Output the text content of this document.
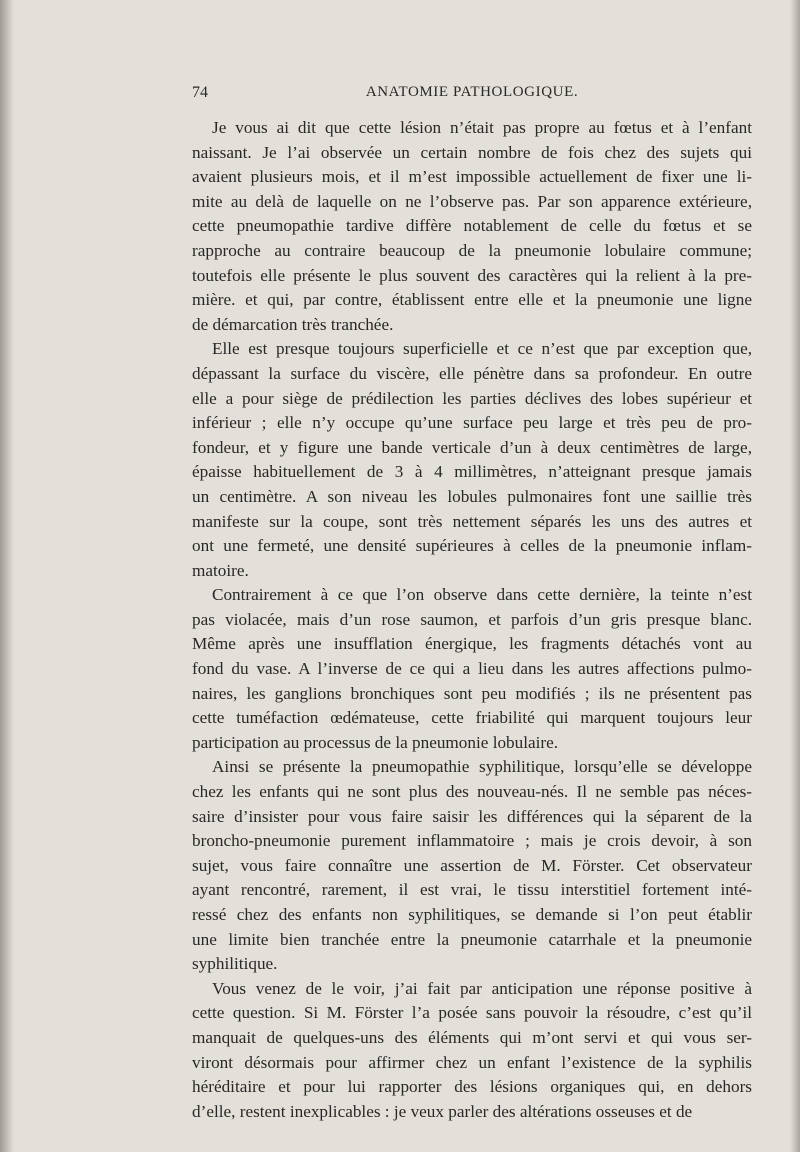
74	ANATOMIE PATHOLOGIQUE.

Je vous ai dit que cette lésion n’était pas propre au fœtus et à l’enfant
naissant. Je l’ai observée un certain nombre de fois chez des sujets qui
avaient plusieurs mois, et il m’est impossible actuellement de fixer une li-
mite au delà de laquelle on ne l’observe pas. Par son apparence extérieure,
cette pneumopathie tardive diffère notablement de celle du fœtus et se
rapproche au contraire beaucoup de la pneumonie lobulaire commune;
toutefois elle présente le plus souvent des caractères qui la relient à la pre-
mière. et qui, par contre, établissent entre elle et la pneumonie une ligne
de démarcation très tranchée.

Elle est presque toujours superficielle et ce n’est que par exception que,
dépassant la surface du viscère, elle pénètre dans sa profondeur. En outre
elle a pour siège de prédilection les parties déclives des lobes supérieur et
inférieur ; elle n’y occupe qu’une surface peu large et très peu de pro-
fondeur, et y figure une bande verticale d’un à deux centimètres de large,
épaisse habituellement de 3 à 4 millimètres, n’atteignant presque jamais
un centimètre. A son niveau les lobules pulmonaires font une saillie très
manifeste sur la coupe, sont très nettement séparés les uns des autres et
ont une fermeté, une densité supérieures à celles de la pneumonie inflam-
matoire.

Contrairement à ce que l’on observe dans cette dernière, la teinte n’est
pas violacée, mais d’un rose saumon, et parfois d’un gris presque blanc.
Même après une insufflation énergique, les fragments détachés vont au
fond du vase. A l’inverse de ce qui a lieu dans les autres affections pulmo-
naires, les ganglions bronchiques sont peu modifiés ; ils ne présentent pas
cette tuméfaction œdémateuse, cette friabilité qui marquent toujours leur
participation au processus de la pneumonie lobulaire.

Ainsi se présente la pneumopathie syphilitique, lorsqu’elle se développe
chez les enfants qui ne sont plus des nouveau-nés. Il ne semble pas néces-
saire d’insister pour vous faire saisir les différences qui la séparent de la
broncho-pneumonie purement inflammatoire ; mais je crois devoir, à son
sujet, vous faire connaître une assertion de M. Förster. Cet observateur
ayant rencontré, rarement, il est vrai, le tissu interstitiel fortement inté-
ressé chez des enfants non syphilitiques, se demande si l’on peut établir
une limite bien tranchée entre la pneumonie catarrhale et la pneumonie
syphilitique.

Vous venez de le voir, j’ai fait par anticipation une réponse positive à
cette question. Si M. Förster l’a posée sans pouvoir la résoudre, c’est qu’il
manquait de quelques-uns des éléments qui m’ont servi et qui vous ser-
viront désormais pour affirmer chez un enfant l’existence de la syphilis
héréditaire et pour lui rapporter des lésions organiques qui, en dehors
d’elle, restent inexplicables : je veux parler des altérations osseuses et de
